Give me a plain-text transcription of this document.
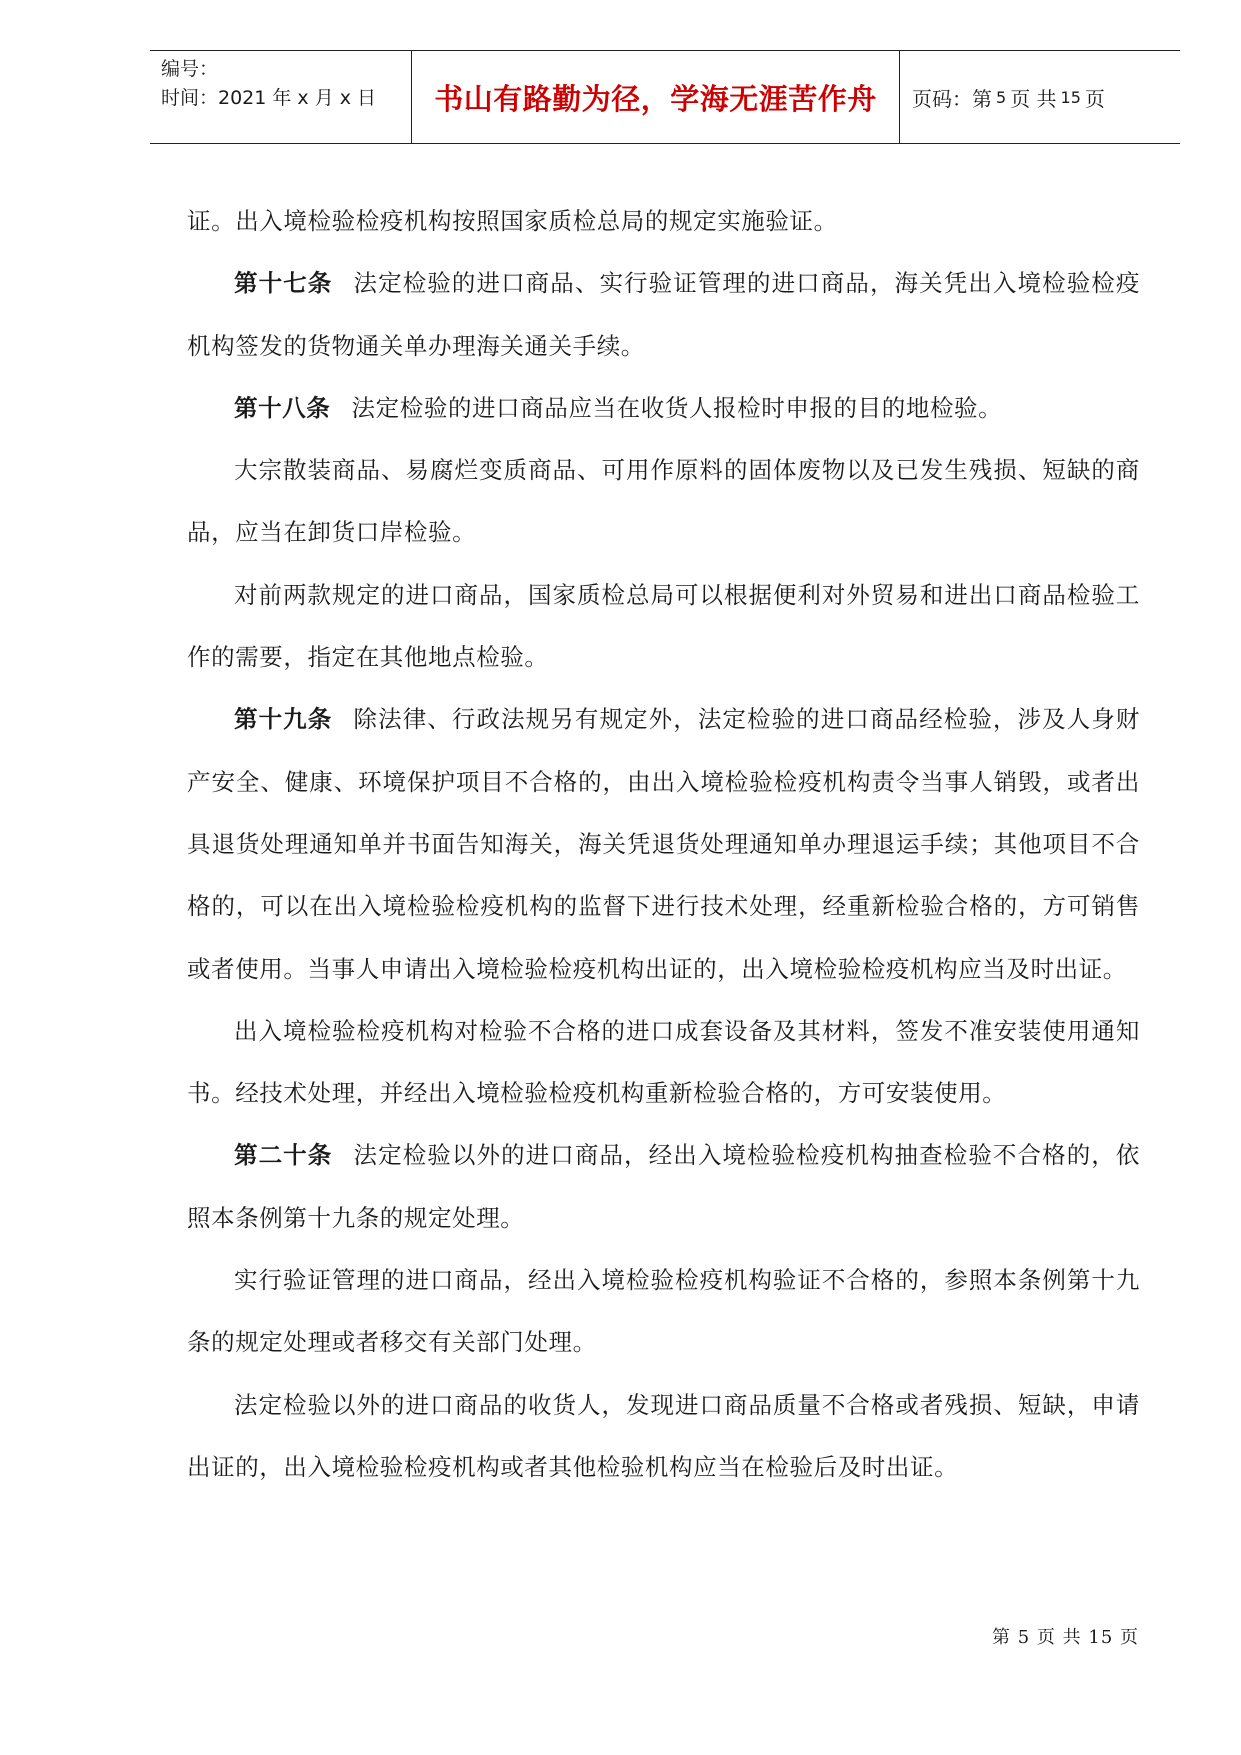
编号：
时间：2021 年 x 月 x 日 书山有路勤为径，学海无涯苦作舟 页码：第 5 页 共 15 页

证。出入境检验检疫机构按照国家质检总局的规定实施验证。

第十七条 法定检验的进口商品、实行验证管理的进口商品，海关凭出入境检验检疫机构签发的货物通关单办理海关通关手续。

第十八条 法定检验的进口商品应当在收货人报检时申报的目的地检验。

大宗散装商品、易腐烂变质商品、可用作原料的固体废物以及已发生残损、短缺的商品，应当在卸货口岸检验。

对前两款规定的进口商品，国家质检总局可以根据便利对外贸易和进出口商品检验工作的需要，指定在其他地点检验。

第十九条 除法律、行政法规另有规定外，法定检验的进口商品经检验，涉及人身财产安全、健康、环境保护项目不合格的，由出入境检验检疫机构责令当事人销毁，或者出具退货处理通知单并书面告知海关，海关凭退货处理通知单办理退运手续；其他项目不合格的，可以在出入境检验检疫机构的监督下进行技术处理，经重新检验合格的，方可销售或者使用。当事人申请出入境检验检疫机构出证的，出入境检验检疫机构应当及时出证。

出入境检验检疫机构对检验不合格的进口成套设备及其材料，签发不准安装使用通知书。经技术处理，并经出入境检验检疫机构重新检验合格的，方可安装使用。

第二十条 法定检验以外的进口商品，经出入境检验检疫机构抽查检验不合格的，依照本条例第十九条的规定处理。

实行验证管理的进口商品，经出入境检验检疫机构验证不合格的，参照本条例第十九条的规定处理或者移交有关部门处理。

法定检验以外的进口商品的收货人，发现进口商品质量不合格或者残损、短缺，申请出证的，出入境检验检疫机构或者其他检验机构应当在检验后及时出证。

第 5 页 共 15 页
